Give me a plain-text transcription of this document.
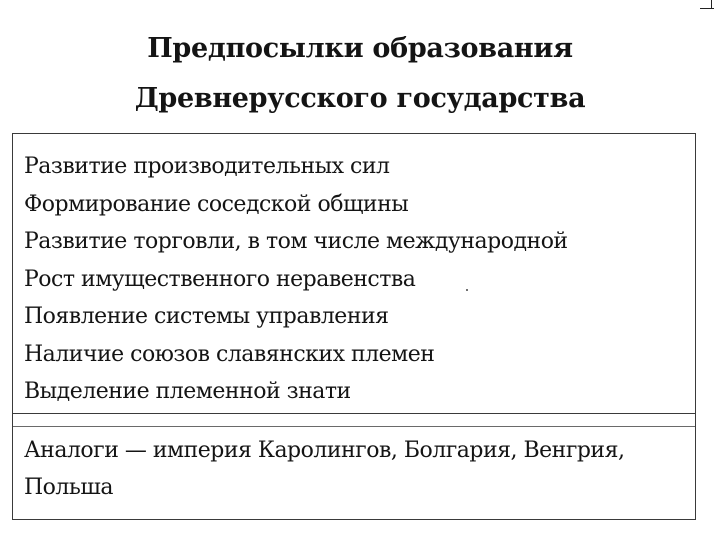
Предпосылки образования
Древнерусского государства
Развитие производительных сил
Формирование соседской общины
Развитие торговли, в том числе международной
Рост имущественного неравенства
Появление системы управления
Наличие союзов славянских племен
Выделение племенной знати
Аналоги — империя Каролингов, Болгария, Венгрия, Польша
